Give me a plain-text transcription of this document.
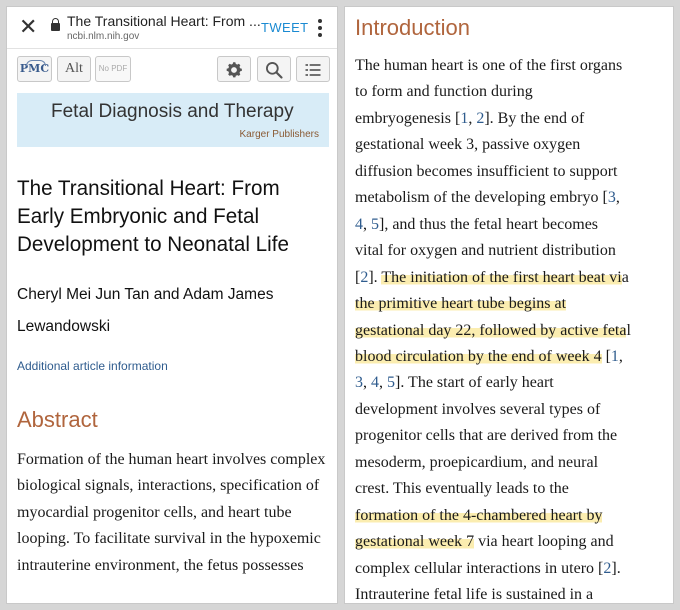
✕ The Transitional Heart: From ...
ncbi.nlm.nih.gov
TWEET
PMC	Alt	No PDF
Fetal Diagnosis and Therapy
Karger Publishers
The Transitional Heart: From Early Embryonic and Fetal Development to Neonatal Life
Cheryl Mei Jun Tan and Adam James Lewandowski
Additional article information
Abstract
Formation of the human heart involves complex biological signals, interactions, specification of myocardial progenitor cells, and heart tube looping. To facilitate survival in the hypoxemic intrauterine environment, the fetus possesses
Introduction
The human heart is one of the first organs
to form and function during
embryogenesis [1, 2]. By the end of
gestational week 3, passive oxygen
diffusion becomes insufficient to support
metabolism of the developing embryo [3,
4, 5], and thus the fetal heart becomes
vital for oxygen and nutrient distribution
[2]. The initiation of the first heart beat via
the primitive heart tube begins at
gestational day 22, followed by active fetal
blood circulation by the end of week 4 [1,
3, 4, 5]. The start of early heart
development involves several types of
progenitor cells that are derived from the
mesoderm, proepicardium, and neural
crest. This eventually leads to the
formation of the 4-chambered heart by
gestational week 7 via heart looping and
complex cellular interactions in utero [2].
Intrauterine fetal life is sustained in a
